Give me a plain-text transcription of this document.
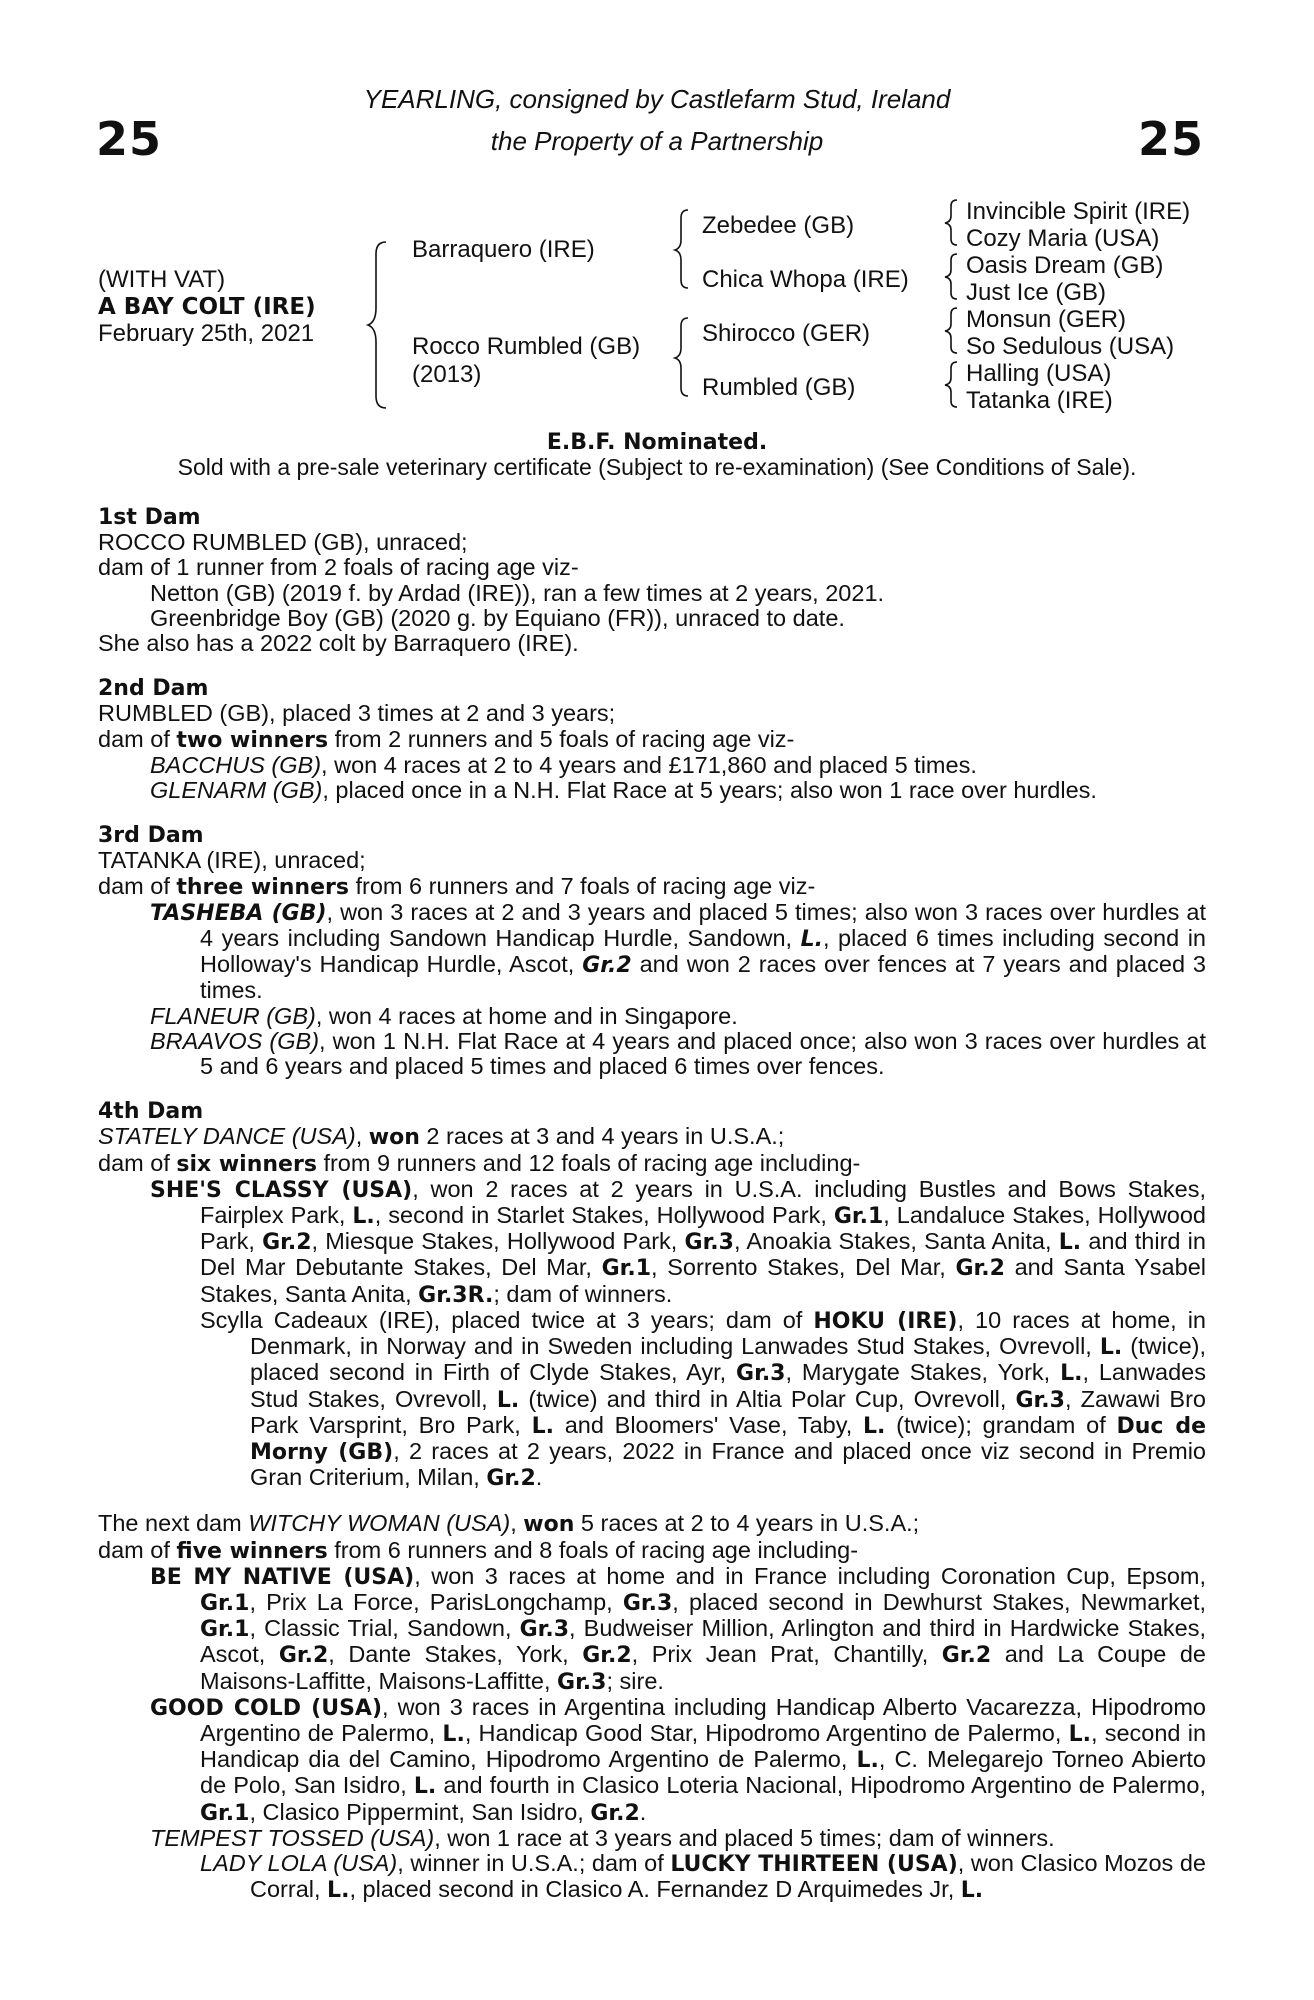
25	25
YEARLING, consigned by Castlefarm Stud, Ireland
the Property of a Partnership
(WITH VAT)
A BAY COLT (IRE)
February 25th, 2021
Barraquero (IRE)
Rocco Rumbled (GB)
(2013)
Zebedee (GB)
Chica Whopa (IRE)
Shirocco (GER)
Rumbled (GB)
Invincible Spirit (IRE)
Cozy Maria (USA)
Oasis Dream (GB)
Just Ice (GB)
Monsun (GER)
So Sedulous (USA)
Halling (USA)
Tatanka (IRE)
E.B.F. Nominated.
Sold with a pre-sale veterinary certificate (Subject to re-examination) (See Conditions of Sale).
1st Dam
ROCCO RUMBLED (GB), unraced;
dam of 1 runner from 2 foals of racing age viz-
Netton (GB) (2019 f. by Ardad (IRE)), ran a few times at 2 years, 2021.
Greenbridge Boy (GB) (2020 g. by Equiano (FR)), unraced to date.
She also has a 2022 colt by Barraquero (IRE).
2nd Dam
RUMBLED (GB), placed 3 times at 2 and 3 years;
dam of two winners from 2 runners and 5 foals of racing age viz-
BACCHUS (GB), won 4 races at 2 to 4 years and £171,860 and placed 5 times.
GLENARM (GB), placed once in a N.H. Flat Race at 5 years; also won 1 race over hurdles.
3rd Dam
TATANKA (IRE), unraced;
dam of three winners from 6 runners and 7 foals of racing age viz-
TASHEBA (GB), won 3 races at 2 and 3 years and placed 5 times; also won 3 races over hurdles at 4 years including Sandown Handicap Hurdle, Sandown, L., placed 6 times including second in Holloway's Handicap Hurdle, Ascot, Gr.2 and won 2 races over fences at 7 years and placed 3 times.
FLANEUR (GB), won 4 races at home and in Singapore.
BRAAVOS (GB), won 1 N.H. Flat Race at 4 years and placed once; also won 3 races over hurdles at 5 and 6 years and placed 5 times and placed 6 times over fences.
4th Dam
STATELY DANCE (USA), won 2 races at 3 and 4 years in U.S.A.;
dam of six winners from 9 runners and 12 foals of racing age including-
SHE'S CLASSY (USA), won 2 races at 2 years in U.S.A. including Bustles and Bows Stakes, Fairplex Park, L., second in Starlet Stakes, Hollywood Park, Gr.1, Landaluce Stakes, Hollywood Park, Gr.2, Miesque Stakes, Hollywood Park, Gr.3, Anoakia Stakes, Santa Anita, L. and third in Del Mar Debutante Stakes, Del Mar, Gr.1, Sorrento Stakes, Del Mar, Gr.2 and Santa Ysabel Stakes, Santa Anita, Gr.3R.; dam of winners.
Scylla Cadeaux (IRE), placed twice at 3 years; dam of HOKU (IRE), 10 races at home, in Denmark, in Norway and in Sweden including Lanwades Stud Stakes, Ovrevoll, L. (twice), placed second in Firth of Clyde Stakes, Ayr, Gr.3, Marygate Stakes, York, L., Lanwades Stud Stakes, Ovrevoll, L. (twice) and third in Altia Polar Cup, Ovrevoll, Gr.3, Zawawi Bro Park Varsprint, Bro Park, L. and Bloomers' Vase, Taby, L. (twice); grandam of Duc de Morny (GB), 2 races at 2 years, 2022 in France and placed once viz second in Premio Gran Criterium, Milan, Gr.2.
The next dam WITCHY WOMAN (USA), won 5 races at 2 to 4 years in U.S.A.;
dam of five winners from 6 runners and 8 foals of racing age including-
BE MY NATIVE (USA), won 3 races at home and in France including Coronation Cup, Epsom, Gr.1, Prix La Force, ParisLongchamp, Gr.3, placed second in Dewhurst Stakes, Newmarket, Gr.1, Classic Trial, Sandown, Gr.3, Budweiser Million, Arlington and third in Hardwicke Stakes, Ascot, Gr.2, Dante Stakes, York, Gr.2, Prix Jean Prat, Chantilly, Gr.2 and La Coupe de Maisons-Laffitte, Maisons-Laffitte, Gr.3; sire.
GOOD COLD (USA), won 3 races in Argentina including Handicap Alberto Vacarezza, Hipodromo Argentino de Palermo, L., Handicap Good Star, Hipodromo Argentino de Palermo, L., second in Handicap dia del Camino, Hipodromo Argentino de Palermo, L., C. Melegarejo Torneo Abierto de Polo, San Isidro, L. and fourth in Clasico Loteria Nacional, Hipodromo Argentino de Palermo, Gr.1, Clasico Pippermint, San Isidro, Gr.2.
TEMPEST TOSSED (USA), won 1 race at 3 years and placed 5 times; dam of winners.
LADY LOLA (USA), winner in U.S.A.; dam of LUCKY THIRTEEN (USA), won Clasico Mozos de Corral, L., placed second in Clasico A. Fernandez D Arquimedes Jr, L.
